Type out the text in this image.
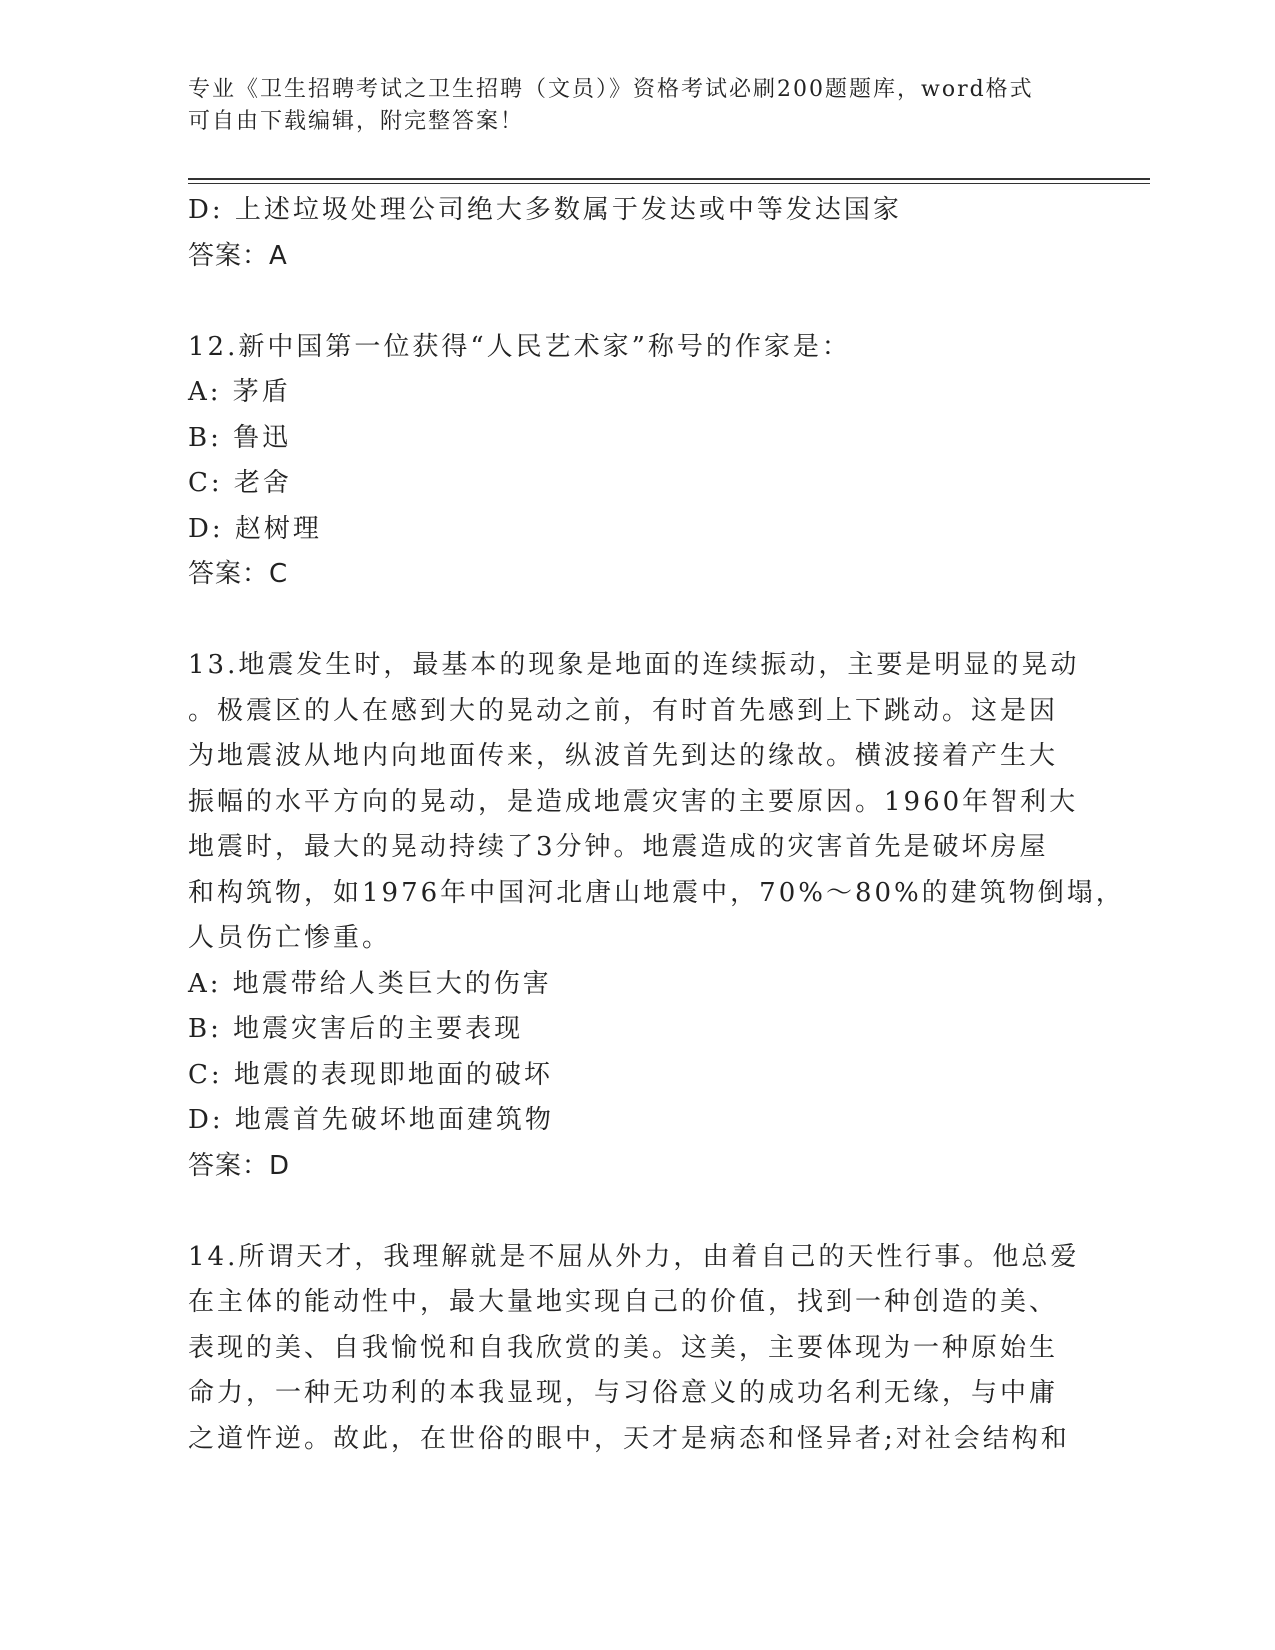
专业《卫生招聘考试之卫生招聘（文员）》资格考试必刷200题题库，word格式
可自由下载编辑，附完整答案！
D: 上述垃圾处理公司绝大多数属于发达或中等发达国家
答案：A
12.新中国第一位获得“人民艺术家”称号的作家是：
A: 茅盾
B: 鲁迅
C: 老舍
D: 赵树理
答案：C
13.地震发生时，最基本的现象是地面的连续振动，主要是明显的晃动
。极震区的人在感到大的晃动之前，有时首先感到上下跳动。这是因
为地震波从地内向地面传来，纵波首先到达的缘故。横波接着产生大
振幅的水平方向的晃动，是造成地震灾害的主要原因。1960年智利大
地震时，最大的晃动持续了3分钟。地震造成的灾害首先是破坏房屋
和构筑物，如1976年中国河北唐山地震中，70%～80%的建筑物倒塌，
人员伤亡惨重。
A: 地震带给人类巨大的伤害
B: 地震灾害后的主要表现
C: 地震的表现即地面的破坏
D: 地震首先破坏地面建筑物
答案：D
14.所谓天才，我理解就是不屈从外力，由着自己的天性行事。他总爱
在主体的能动性中，最大量地实现自己的价值，找到一种创造的美、
表现的美、自我愉悦和自我欣赏的美。这美，主要体现为一种原始生
命力，一种无功利的本我显现，与习俗意义的成功名利无缘，与中庸
之道忤逆。故此，在世俗的眼中，天才是病态和怪异者;对社会结构和
